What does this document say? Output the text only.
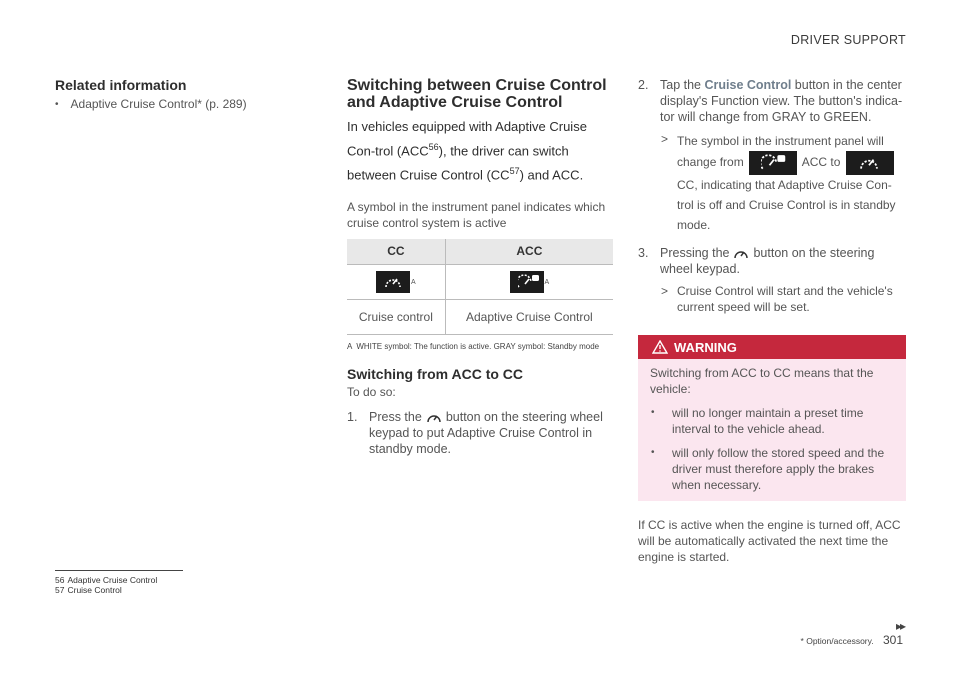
DRIVER SUPPORT
Related information
• Adaptive Cruise Control* (p. 289)
Switching between Cruise Control and Adaptive Cruise Control

In vehicles equipped with Adaptive Cruise Con-trol (ACC$^{56}$), the driver can switch between Cruise Control (CC$^{57}$) and ACC.

A symbol in the instrument panel indicates which cruise control system is active

CC	ACC

A	A
Cruise control	Adaptive Cruise Control
A WHITE symbol: The function is active. GRAY symbol: Standby mode
Switching from ACC to CC

To do so:

1. Press the button on the steering wheel keypad to put Adaptive Cruise Control in standby mode.
2. Tap the Cruise Control button in the center display's Function view. The button's indica-tor will change from GRAY to GREEN.
> The symbol in the instrument panel will change from	ACC to
CC, indicating that Adaptive Cruise Con-trol is off and Cruise Control is in standby mode.
3. Pressing the button on the steering wheel keypad.
> Cruise Control will start and the vehicle's current speed will be set.
WARNING
Switching from ACC to CC means that the vehicle:
•	will no longer maintain a preset time interval to the vehicle ahead.
•	will only follow the stored speed and the driver must therefore apply the brakes when necessary.

If CC is active when the engine is turned off, ACC will be automatically activated the next time the engine is started.

56 Adaptive Cruise Control
57 Cruise Control
▸▸
* Option/accessory. 301
